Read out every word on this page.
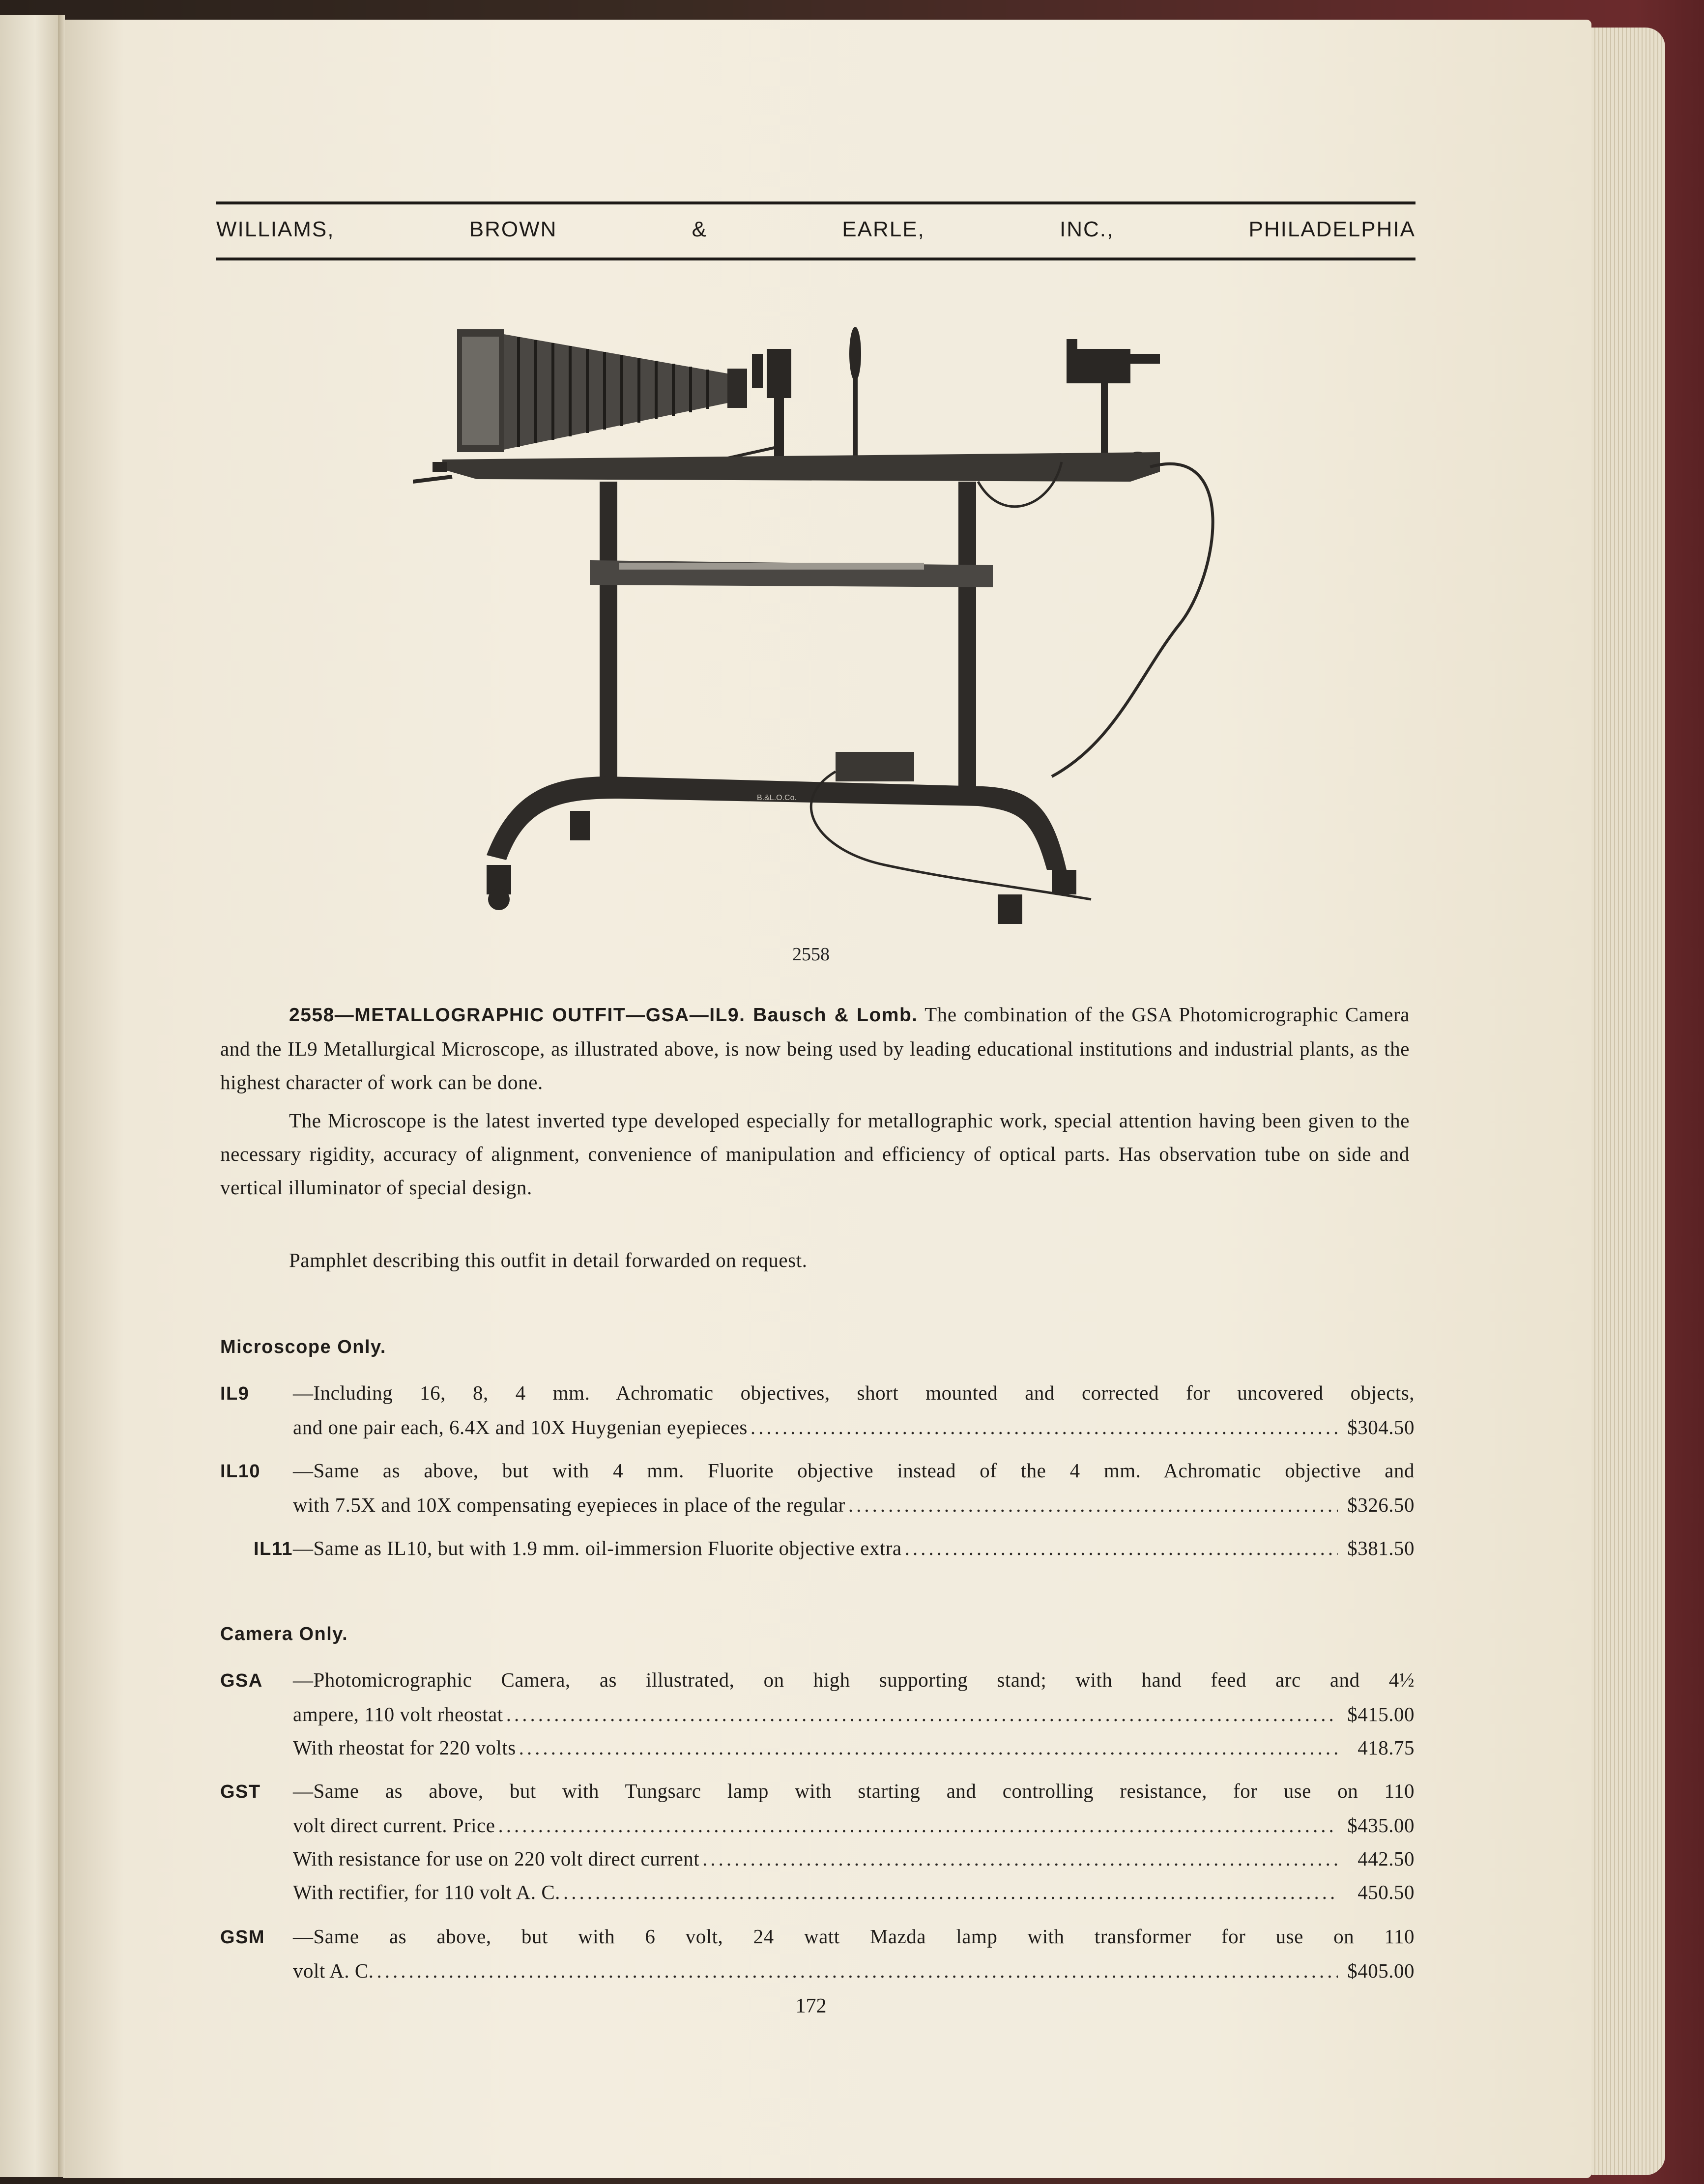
WILLIAMS,	BROWN	&	EARLE,	INC.,	PHILADELPHIA
B.&L.O.Co.
2558
2558—METALLOGRAPHIC OUTFIT—GSA—IL9. Bausch & Lomb. The combination of the GSA Photomicrographic Camera and the IL9 Metallurgical Microscope, as illustrated above, is now being used by leading educational institutions and industrial plants, as the highest character of work can be done.
The Microscope is the latest inverted type developed especially for metallographic work, special attention having been given to the necessary rigidity, accuracy of alignment, convenience of manipulation and efficiency of optical parts. Has observation tube on side and vertical illuminator of special design.
Pamphlet describing this outfit in detail forwarded on request.
Microscope Only.
IL9 —Including 16, 8, 4 mm. Achromatic objectives, short mounted and corrected for uncovered objects,
and one pair each, 6.4X and 10X Huygenian eyepieces .....	$304.50
IL10 —Same as above, but with 4 mm. Fluorite objective instead of the 4 mm. Achromatic objective and
with 7.5X and 10X compensating eyepieces in place of the regular .....	$326.50
IL11 —Same as IL10, but with 1.9 mm. oil-immersion Fluorite objective extra .....	$381.50
Camera Only.
GSA —Photomicrographic Camera, as illustrated, on high supporting stand; with hand feed arc and 4½
ampere, 110 volt rheostat .....	$415.00
With rheostat for 220 volts .....	418.75
GST —Same as above, but with Tungsarc lamp with starting and controlling resistance, for use on 110
volt direct current. Price .....	$435.00
With resistance for use on 220 volt direct current .....	442.50
With rectifier, for 110 volt A. C. .....	450.50
GSM —Same as above, but with 6 volt, 24 watt Mazda lamp with transformer for use on 110
volt A. C. .....	$405.00
172
